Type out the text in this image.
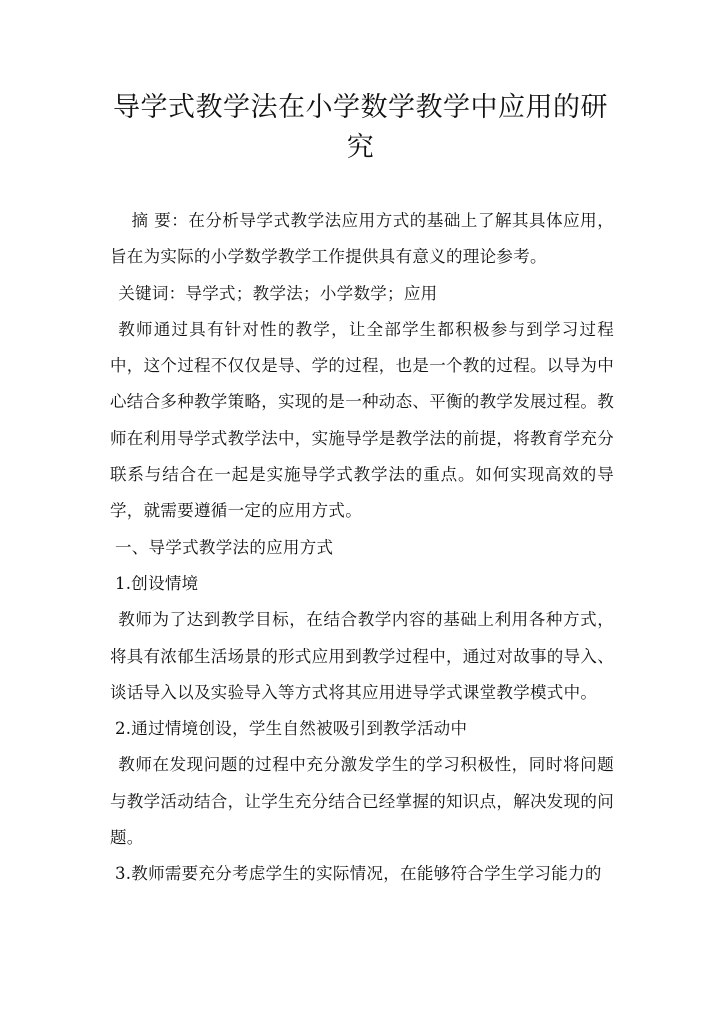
导学式教学法在小学数学教学中应用的研究

摘 要：在分析导学式教学法应用方式的基础上了解其具体应用，旨在为实际的小学数学教学工作提供具有意义的理论参考。

关键词：导学式；教学法；小学数学；应用

教师通过具有针对性的教学，让全部学生都积极参与到学习过程中，这个过程不仅仅是导、学的过程，也是一个教的过程。以导为中心结合多种教学策略，实现的是一种动态、平衡的教学发展过程。教师在利用导学式教学法中，实施导学是教学法的前提，将教育学充分联系与结合在一起是实施导学式教学法的重点。如何实现高效的导学，就需要遵循一定的应用方式。

一、导学式教学法的应用方式

1.创设情境

教师为了达到教学目标，在结合教学内容的基础上利用各种方式，将具有浓郁生活场景的形式应用到教学过程中，通过对故事的导入、谈话导入以及实验导入等方式将其应用进导学式课堂教学模式中。

2.通过情境创设，学生自然被吸引到教学活动中

教师在发现问题的过程中充分激发学生的学习积极性，同时将问题与教学活动结合，让学生充分结合已经掌握的知识点，解决发现的问题。

3.教师需要充分考虑学生的实际情况，在能够符合学生学习能力的
